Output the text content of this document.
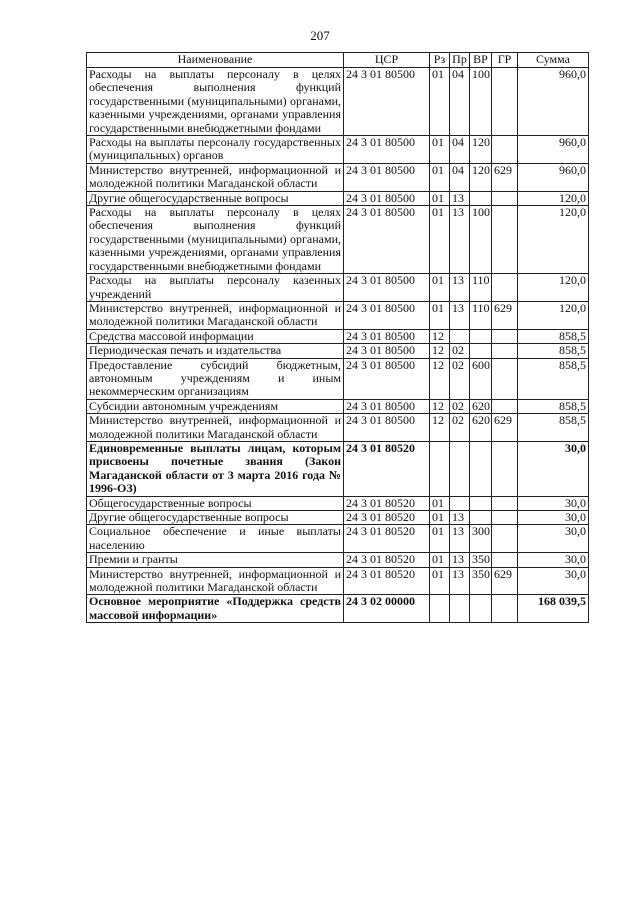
207
Наименование	ЦСР	Рз	Пр	ВР	ГР	Сумма
Расходы на выплаты персоналу в целях обеспечения выполнения функций государственными (муниципальными) органами, казенными учреждениями, органами управления государственными внебюджетными фондами	24 3 01 80500	01	04	100		960,0
Расходы на выплаты персоналу государственных (муниципальных) органов	24 3 01 80500	01	04	120		960,0
Министерство внутренней, информационной и молодежной политики Магаданской области	24 3 01 80500	01	04	120	629	960,0
Другие общегосударственные вопросы	24 3 01 80500	01	13			120,0
Расходы на выплаты персоналу в целях обеспечения выполнения функций государственными (муниципальными) органами, казенными учреждениями, органами управления государственными внебюджетными фондами	24 3 01 80500	01	13	100		120,0
Расходы на выплаты персоналу казенных учреждений	24 3 01 80500	01	13	110		120,0
Министерство внутренней, информационной и молодежной политики Магаданской области	24 3 01 80500	01	13	110	629	120,0
Средства массовой информации	24 3 01 80500	12				858,5
Периодическая печать и издательства	24 3 01 80500	12	02			858,5
Предоставление субсидий бюджетным, автономным учреждениям и иным некоммерческим организациям	24 3 01 80500	12	02	600		858,5
Субсидии автономным учреждениям	24 3 01 80500	12	02	620		858,5
Министерство внутренней, информационной и молодежной политики Магаданской области	24 3 01 80500	12	02	620	629	858,5
Единовременные выплаты лицам, которым присвоены почетные звания (Закон Магаданской области от 3 марта 2016 года № 1996-ОЗ)	24 3 01 80520					30,0
Общегосударственные вопросы	24 3 01 80520	01				30,0
Другие общегосударственные вопросы	24 3 01 80520	01	13			30,0
Социальное обеспечение и иные выплаты населению	24 3 01 80520	01	13	300		30,0
Премии и гранты	24 3 01 80520	01	13	350		30,0
Министерство внутренней, информационной и молодежной политики Магаданской области	24 3 01 80520	01	13	350	629	30,0
Основное мероприятие «Поддержка средств массовой информации»	24 3 02 00000					168 039,5
